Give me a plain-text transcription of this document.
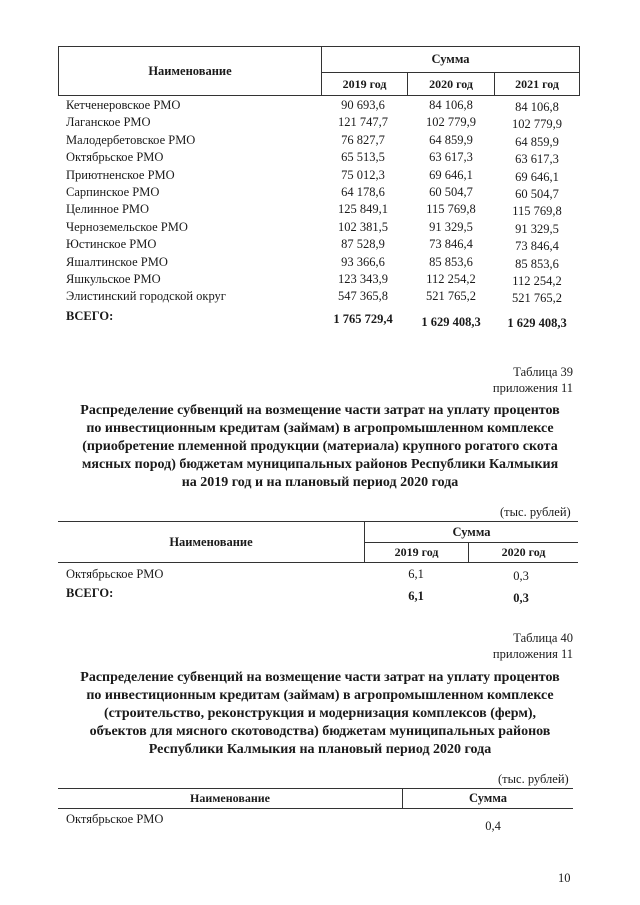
Наименование
Сумма
2019 год	2020 год	2021 год
Кетченеровское РМО	90 693,6	84 106,8	84 106,8
Лаганское РМО	121 747,7	102 779,9	102 779,9
Малодербетовское РМО	76 827,7	64 859,9	64 859,9
Октябрьское РМО	65 513,5	63 617,3	63 617,3
Приютненское РМО	75 012,3	69 646,1	69 646,1
Сарпинское РМО	64 178,6	60 504,7	60 504,7
Целинное РМО	125 849,1	115 769,8	115 769,8
Черноземельское РМО	102 381,5	91 329,5	91 329,5
Юстинское РМО	87 528,9	73 846,4	73 846,4
Яшалтинское РМО	93 366,6	85 853,6	85 853,6
Яшкульское РМО	123 343,9	112 254,2	112 254,2
Элистинский городской округ	547 365,8	521 765,2	521 765,2
ВСЕГО:	1 765 729,4	1 629 408,3	1 629 408,3
Таблица 39
приложения 11
Распределение субвенций на возмещение части затрат на уплату процентов
по инвестиционным кредитам (займам) в агропромышленном комплексе
(приобретение племенной продукции (материала) крупного рогатого скота
мясных пород) бюджетам муниципальных районов Республики Калмыкия
на 2019 год и на плановый период 2020 года
(тыс. рублей)
Наименование
Сумма
2019 год	2020 год
Октябрьское РМО	6,1	0,3
ВСЕГО:	6,1	0,3
Таблица 40
приложения 11
Распределение субвенций на возмещение части затрат на уплату процентов
по инвестиционным кредитам (займам) в агропромышленном комплексе
(строительство, реконструкция и модернизация комплексов (ферм),
объектов для мясного скотоводства) бюджетам муниципальных районов
Республики Калмыкия на плановый период 2020 года
(тыс. рублей)
Наименование	Сумма
Октябрьское РМО	0,4
10
